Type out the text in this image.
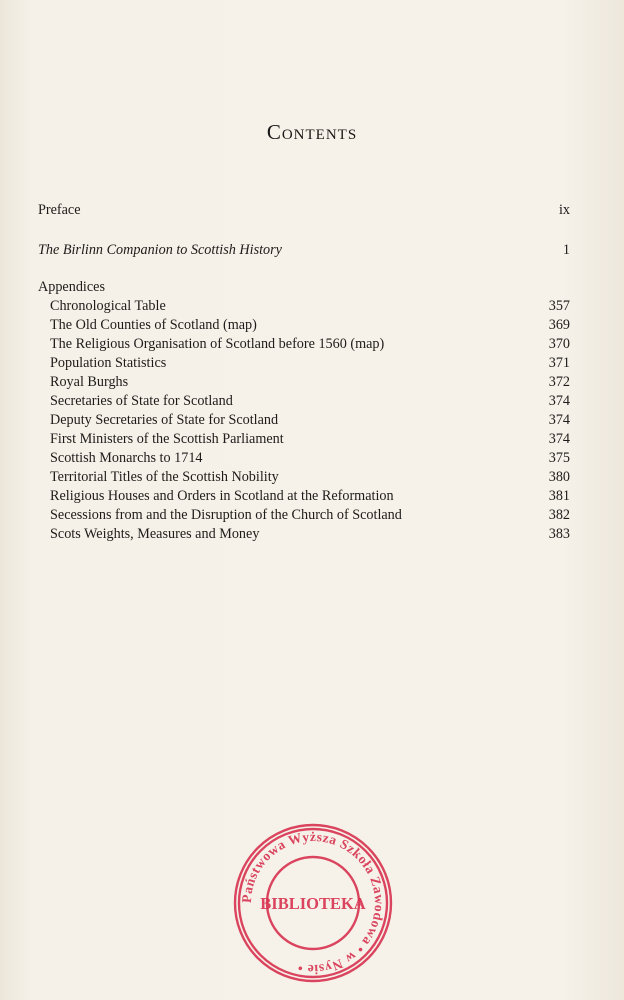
Contents
Preface	ix
The Birlinn Companion to Scottish History	1
Appendices
Chronological Table	357
The Old Counties of Scotland (map)	369
The Religious Organisation of Scotland before 1560 (map)	370
Population Statistics	371
Royal Burghs	372
Secretaries of State for Scotland	374
Deputy Secretaries of State for Scotland	374
First Ministers of the Scottish Parliament	374
Scottish Monarchs to 1714	375
Territorial Titles of the Scottish Nobility	380
Religious Houses and Orders in Scotland at the Reformation	381
Secessions from and the Disruption of the Church of Scotland	382
Scots Weights, Measures and Money	383
Państwowa Wyższa Szkoła Zawodowa • w Nysie •
BIBLIOTEKA
